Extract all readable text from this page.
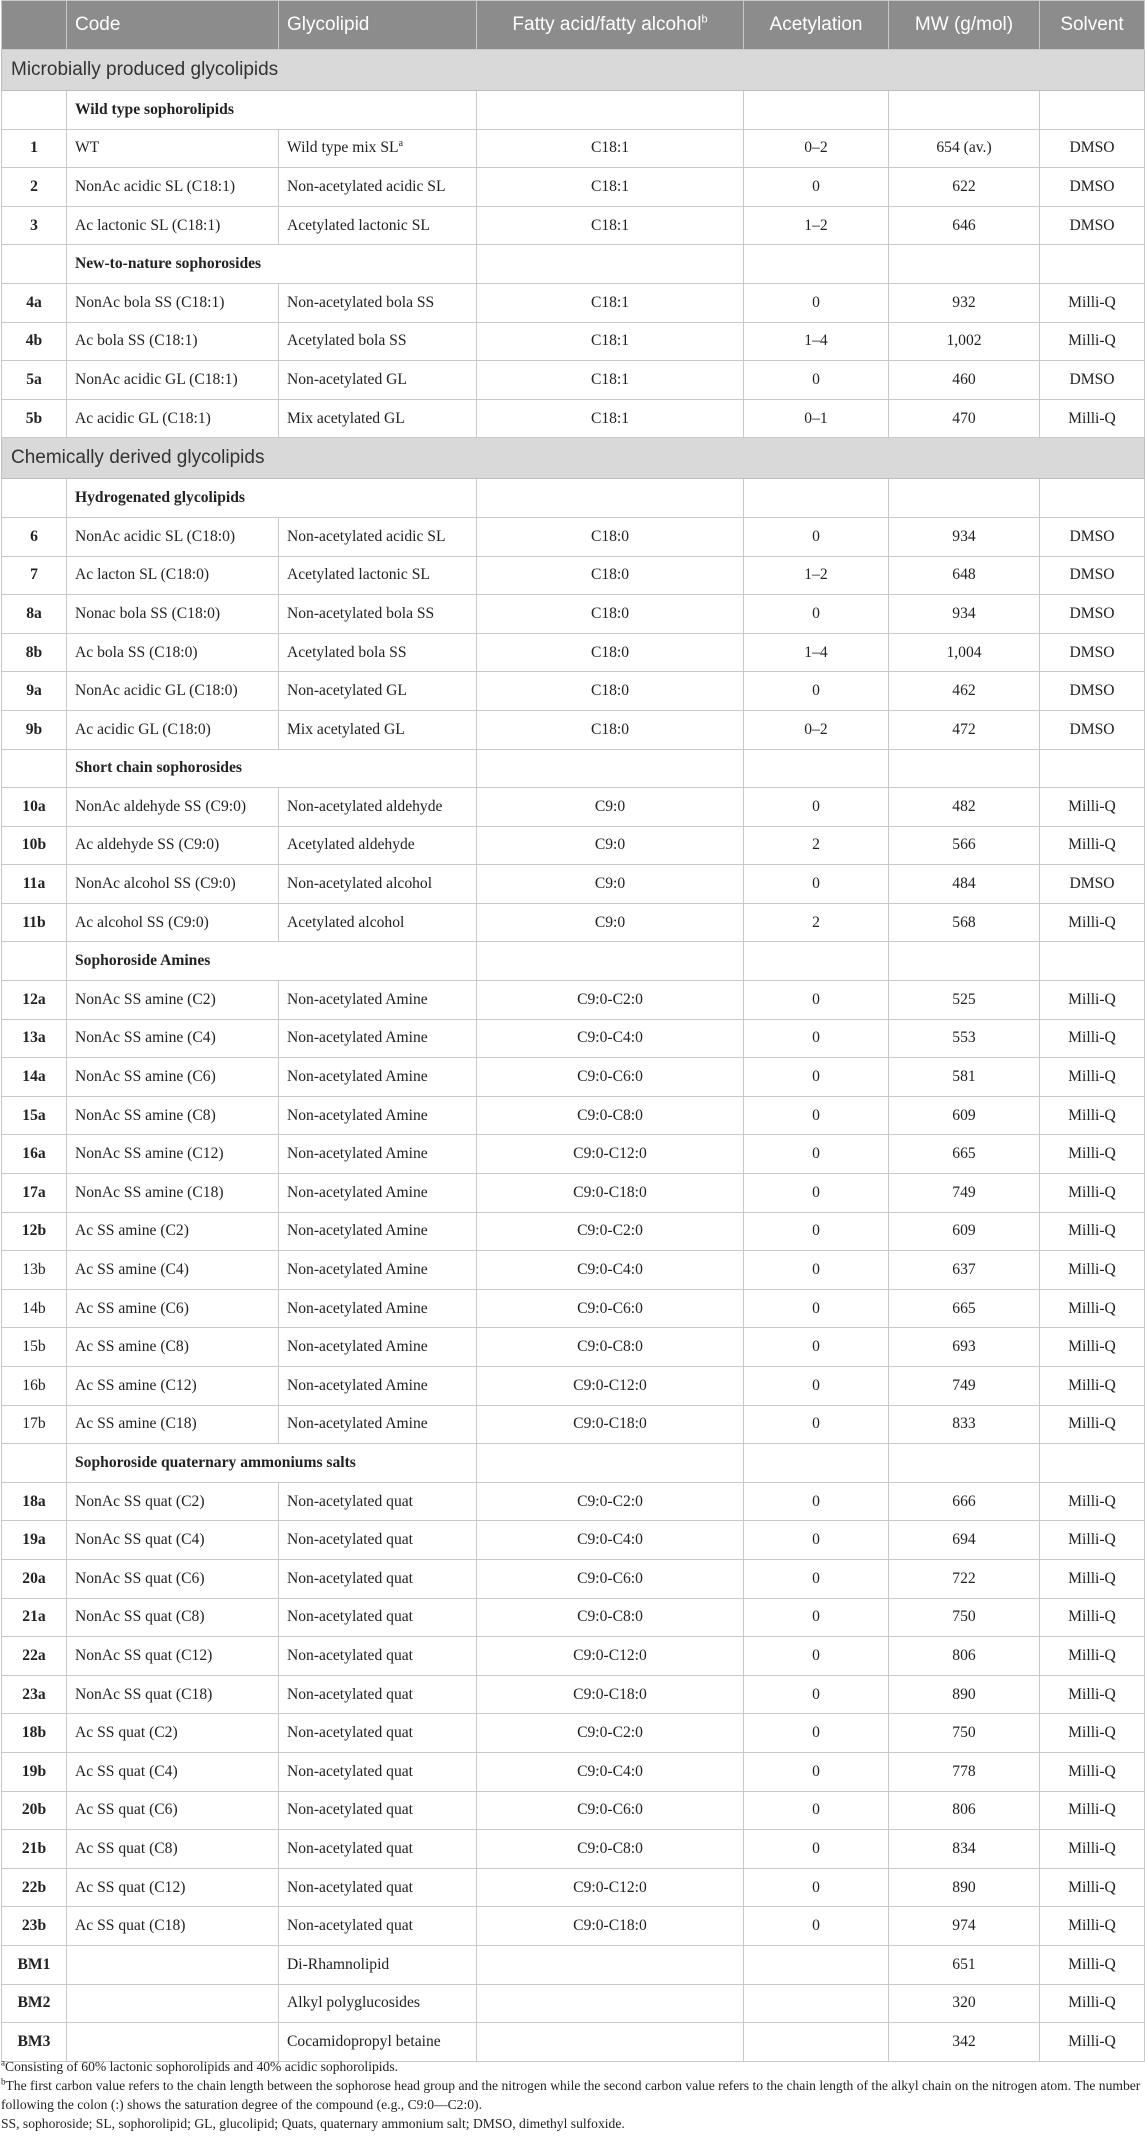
	Code	Glycolipid	Fatty acid/fatty alcohol$^b$	Acetylation	MW (g/mol)	Solvent
Microbially produced glycolipids						
	Wild type sophorolipids					
1	WT	Wild type mix $SL^a$	C18:1	0–2	654 (av.)	DMSO
2	NonAc acidic SL (C18:1)	Non-acetylated acidic SL	C18:1	0	622	DMSO
3	Ac lactonic SL (C18:1)	Acetylated lactonic SL	C18:1	1–2	646	DMSO
	New-to-nature sophorosides					
4a	NonAc bola SS (C18:1)	Non-acetylated bola SS	C18:1	0	932	Milli-Q
4b	Ac bola SS (C18:1)	Acetylated bola SS	C18:1	1–4	1,002	Milli-Q
5a	NonAc acidic GL (C18:1)	Non-acetylated GL	C18:1	0	460	DMSO
5b	Ac acidic GL (C18:1)	Mix acetylated GL	C18:1	0–1	470	Milli-Q
Chemically derived glycolipids						
	Hydrogenated glycolipids					
6	NonAc acidic SL (C18:0)	Non-acetylated acidic SL	C18:0	0	934	DMSO
7	Ac lacton SL (C18:0)	Acetylated lactonic SL	C18:0	1–2	648	DMSO
8a	Nonac bola SS (C18:0)	Non-acetylated bola SS	C18:0	0	934	DMSO
8b	Ac bola SS (C18:0)	Acetylated bola SS	C18:0	1–4	1,004	DMSO
9a	NonAc acidic GL (C18:0)	Non-acetylated GL	C18:0	0	462	DMSO
9b	Ac acidic GL (C18:0)	Mix acetylated GL	C18:0	0–2	472	DMSO
	Short chain sophorosides					
10a	NonAc aldehyde SS (C9:0)	Non-acetylated aldehyde	C9:0	0	482	Milli-Q
10b	Ac aldehyde SS (C9:0)	Acetylated aldehyde	C9:0	2	566	Milli-Q
11a	NonAc alcohol SS (C9:0)	Non-acetylated alcohol	C9:0	0	484	DMSO
11b	Ac alcohol SS (C9:0)	Acetylated alcohol	C9:0	2	568	Milli-Q
	Sophoroside Amines					
12a	NonAc SS amine (C2)	Non-acetylated Amine	C9:0-C2:0	0	525	Milli-Q
13a	NonAc SS amine (C4)	Non-acetylated Amine	C9:0-C4:0	0	553	Milli-Q
14a	NonAc SS amine (C6)	Non-acetylated Amine	C9:0-C6:0	0	581	Milli-Q
15a	NonAc SS amine (C8)	Non-acetylated Amine	C9:0-C8:0	0	609	Milli-Q
16a	NonAc SS amine (C12)	Non-acetylated Amine	C9:0-C12:0	0	665	Milli-Q
17a	NonAc SS amine (C18)	Non-acetylated Amine	C9:0-C18:0	0	749	Milli-Q
12b	Ac SS amine (C2)	Non-acetylated Amine	C9:0-C2:0	0	609	Milli-Q
13b	Ac SS amine (C4)	Non-acetylated Amine	C9:0-C4:0	0	637	Milli-Q
14b	Ac SS amine (C6)	Non-acetylated Amine	C9:0-C6:0	0	665	Milli-Q
15b	Ac SS amine (C8)	Non-acetylated Amine	C9:0-C8:0	0	693	Milli-Q
16b	Ac SS amine (C12)	Non-acetylated Amine	C9:0-C12:0	0	749	Milli-Q
17b	Ac SS amine (C18)	Non-acetylated Amine	C9:0-C18:0	0	833	Milli-Q
	Sophoroside quaternary ammoniums salts					
18a	NonAc SS quat (C2)	Non-acetylated quat	C9:0-C2:0	0	666	Milli-Q
19a	NonAc SS quat (C4)	Non-acetylated quat	C9:0-C4:0	0	694	Milli-Q
20a	NonAc SS quat (C6)	Non-acetylated quat	C9:0-C6:0	0	722	Milli-Q
21a	NonAc SS quat (C8)	Non-acetylated quat	C9:0-C8:0	0	750	Milli-Q
22a	NonAc SS quat (C12)	Non-acetylated quat	C9:0-C12:0	0	806	Milli-Q
23a	NonAc SS quat (C18)	Non-acetylated quat	C9:0-C18:0	0	890	Milli-Q
18b	Ac SS quat (C2)	Non-acetylated quat	C9:0-C2:0	0	750	Milli-Q
19b	Ac SS quat (C4)	Non-acetylated quat	C9:0-C4:0	0	778	Milli-Q
20b	Ac SS quat (C6)	Non-acetylated quat	C9:0-C6:0	0	806	Milli-Q
21b	Ac SS quat (C8)	Non-acetylated quat	C9:0-C8:0	0	834	Milli-Q
22b	Ac SS quat (C12)	Non-acetylated quat	C9:0-C12:0	0	890	Milli-Q
23b	Ac SS quat (C18)	Non-acetylated quat	C9:0-C18:0	0	974	Milli-Q
BM1		Di-Rhamnolipid			651	Milli-Q
BM2		Alkyl polyglucosides			320	Milli-Q
BM3		Cocamidopropyl betaine			342	Milli-Q

$^a$Consisting of 60% lactonic sophorolipids and 40% acidic sophorolipids.

$^b$The first carbon value refers to the chain length between the sophorose head group and the nitrogen while the second carbon value refers to the chain length of the alkyl chain on the nitrogen atom. The number following the colon (:) shows the saturation degree of the compound (e.g., C9:0—C2:0).

SS, sophoroside; SL, sophorolipid; GL, glucolipid; Quats, quaternary ammonium salt; DMSO, dimethyl sulfoxide.
